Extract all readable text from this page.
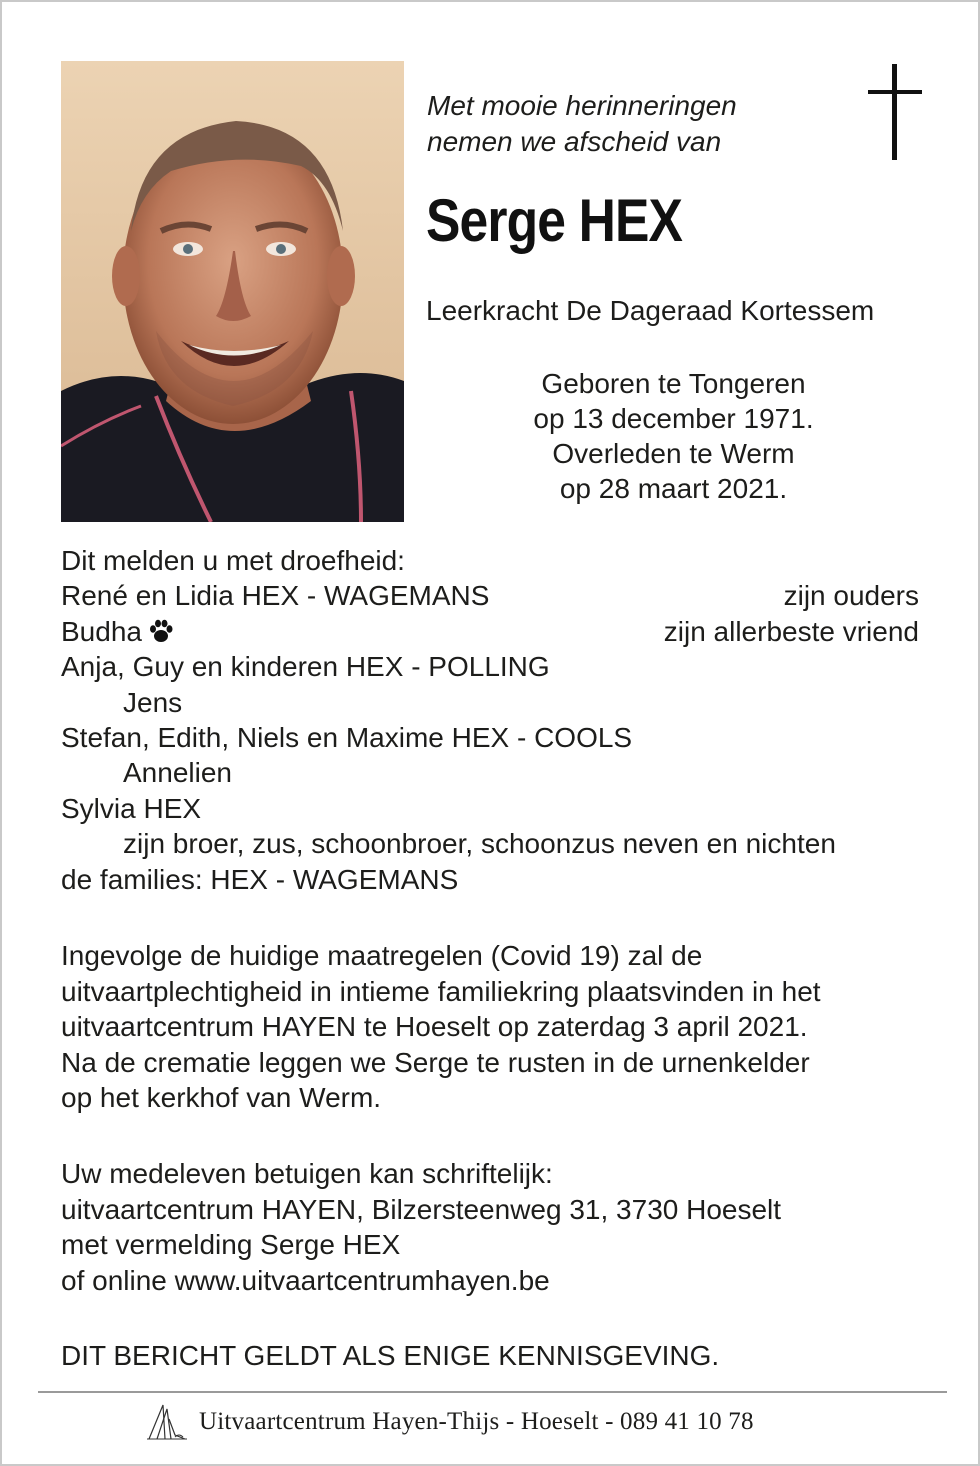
Met mooie herinneringen
nemen we afscheid van
Serge HEX
Leerkracht De Dageraad Kortessem
Geboren te Tongeren
op 13 december 1971.
Overleden te Werm
op 28 maart 2021.
Dit melden u met droefheid:
René en Lidia HEX - WAGEMANS	zijn ouders
Budha	zijn allerbeste vriend
Anja, Guy en kinderen HEX - POLLING
Jens
Stefan, Edith, Niels en Maxime HEX - COOLS
Annelien
Sylvia HEX
zijn broer, zus, schoonbroer, schoonzus neven en nichten
de families: HEX - WAGEMANS
Ingevolge de huidige maatregelen (Covid 19) zal de
uitvaartplechtigheid in intieme familiekring plaatsvinden in het
uitvaartcentrum HAYEN te Hoeselt op zaterdag 3 april 2021.
Na de crematie leggen we Serge te rusten in de urnenkelder
op het kerkhof van Werm.
Uw medeleven betuigen kan schriftelijk:
uitvaartcentrum HAYEN, Bilzersteenweg 31, 3730 Hoeselt
met vermelding Serge HEX
of online www.uitvaartcentrumhayen.be
DIT BERICHT GELDT ALS ENIGE KENNISGEVING.
Uitvaartcentrum Hayen-Thijs - Hoeselt - 089 41 10 78
